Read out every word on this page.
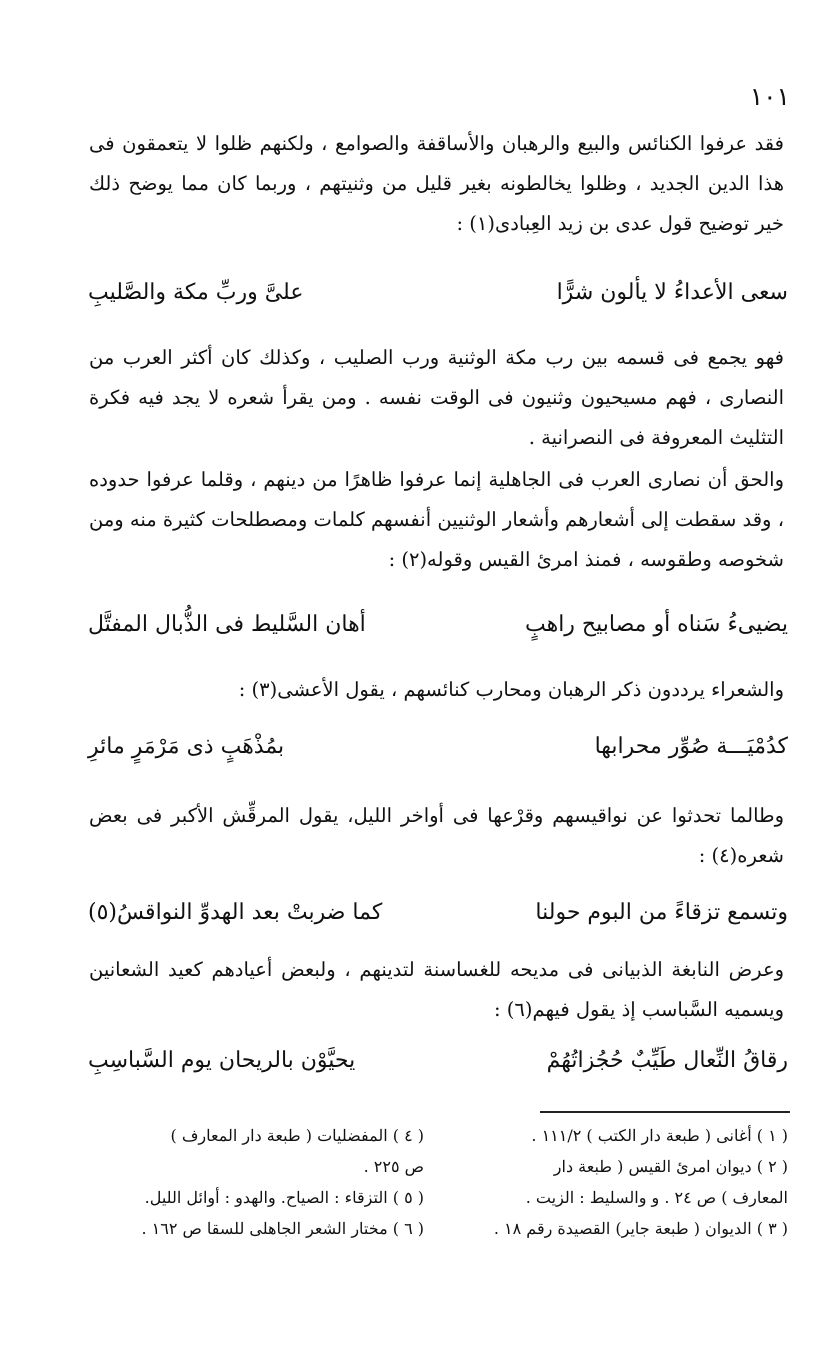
١٠١
فقد عرفوا الكنائس والبيع والرهبان والأساقفة والصوامع ، ولكنهم ظلوا لا يتعمقون فى هذا الدين الجديد ، وظلوا يخالطونه بغير قليل من وثنيتهم ، وربما كان مما يوضح ذلك خير توضيح قول عدى بن زيد العِبادى(١) :
سعى الأعداءُ لا يألون شرًّا
علىَّ وربِّ مكة والصَّليبِ
فهو يجمع فى قسمه بين رب مكة الوثنية ورب الصليب ، وكذلك كان أكثر العرب من النصارى ، فهم مسيحيون وثنيون فى الوقت نفسه . ومن يقرأ شعره لا يجد فيه فكرة التثليث المعروفة فى النصرانية .
والحق أن نصارى العرب فى الجاهلية إنما عرفوا ظاهرًا من دينهم ، وقلما عرفوا حدوده ، وقد سقطت إلى أشعارهم وأشعار الوثنيين أنفسهم كلمات ومصطلحات كثيرة منه ومن شخوصه وطقوسه ، فمنذ امرئ القيس وقوله(٢) :
يضيىءُ سَناه أو مصابيح راهبٍ
أهان السَّليط فى الذُّبال المفتَّل
والشعراء يرددون ذكر الرهبان ومحارب كنائسهم ، يقول الأعشى(٣) :
كدُمْيَـــة صُوِّر محرابها
بمُذْهَبٍ ذى مَرْمَرٍ مائرِ
وطالما تحدثوا عن نواقيسهم وقرْعها فى أواخر الليل، يقول المرقِّش الأكبر فى بعض شعره(٤) :
وتسمع تزقاءً من البوم حولنا
كما ضربتْ بعد الهدوِّ النواقسُ(٥)
وعرض النابغة الذبيانى فى مديحه للغساسنة لتدينهم ، ولبعض أعيادهم كعيد الشعانين ويسميه السَّباسب إذ يقول فيهم(٦) :
رقاقُ النِّعال طَيِّبٌ حُجُزاتُهُمْ
يحيَّوْن بالريحان يوم السَّباسِبِ
( ١ ) أغانى ( طبعة دار الكتب ) ١١١/٢ .
( ٢ ) ديوان امرئ القيس ( طبعة دار
المعارف ) ص ٢٤ . و والسليط : الزيت .
( ٣ ) الديوان ( طبعة جاير) القصيدة رقم ١٨ .
( ٤ ) المفضليات ( طبعة دار المعارف )
ص ٢٢٥ .
( ٥ ) التزقاء : الصياح. والهدو : أوائل الليل.
( ٦ ) مختار الشعر الجاهلى للسقا ص ١٦٢ .
